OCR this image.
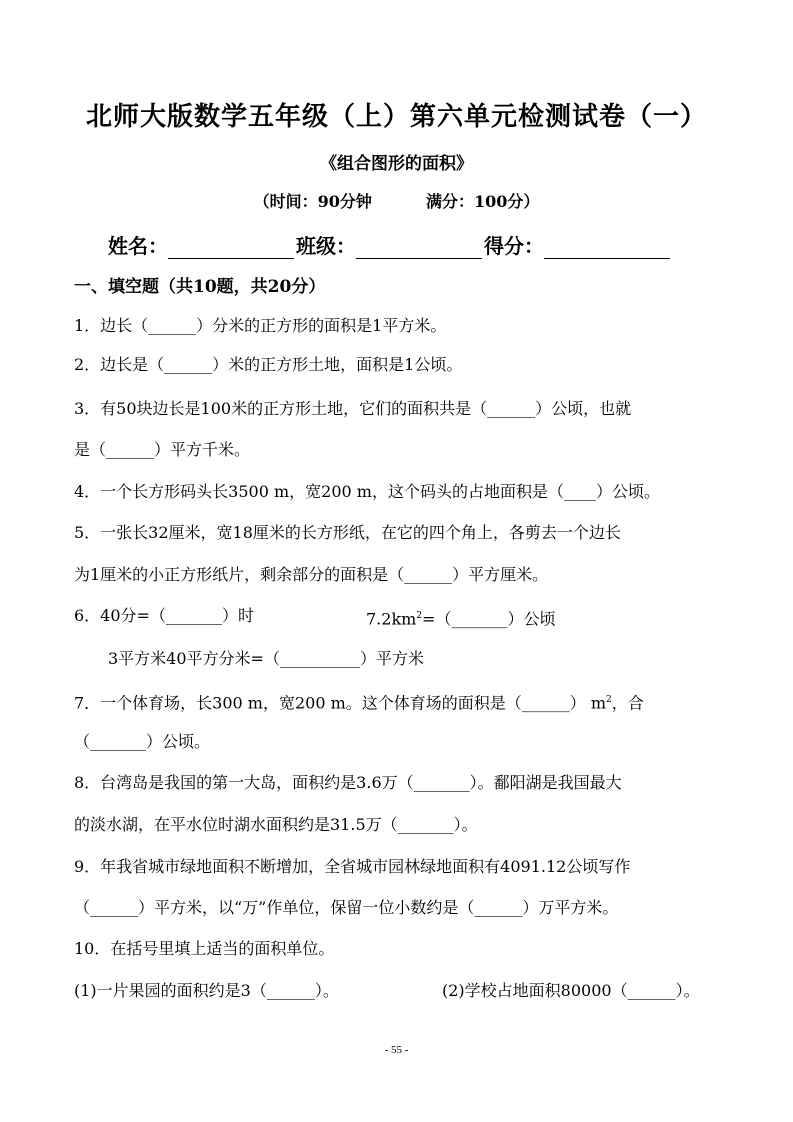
北师大版数学五年级（上）第六单元检测试卷（一）
《组合图形的面积》
（时间：90分钟	满分：100分）
姓名：	班级：	得分：
一、填空题（共10题，共20分）
1．边长（______）分米的正方形的面积是1平方米。
2．边长是（______）米的正方形土地，面积是1公顷。
3．有50块边长是100米的正方形土地，它们的面积共是（______）公顷，也就
是（______）平方千米。
4．一个长方形码头长3500 m，宽200 m，这个码头的占地面积是（____）公顷。
5．一张长32厘米，宽18厘米的长方形纸，在它的四个角上，各剪去一个边长
为1厘米的小正方形纸片，剩余部分的面积是（______）平方厘米。
6．40分=（_______）时	$7.2km^2=(\_\_\_\_\_\_\_)$公顷
3平方米40平方分米=（__________）平方米
7．一个体育场，长300 m，宽200 m。这个体育场的面积是（______） $m^2$，合
（_______）公顷。
8．台湾岛是我国的第一大岛，面积约是3.6万（_______）。鄱阳湖是我国最大
的淡水湖，在平水位时湖水面积约是31.5万（_______）。
9．年我省城市绿地面积不断增加，全省城市园林绿地面积有4091.12公顷写作
（______）平方米，以“万”作单位，保留一位小数约是（______）万平方米。
10．在括号里填上适当的面积单位。
(1)一片果园的面积约是3（______）。	(2)学校占地面积80000（______）。
- 55 -
